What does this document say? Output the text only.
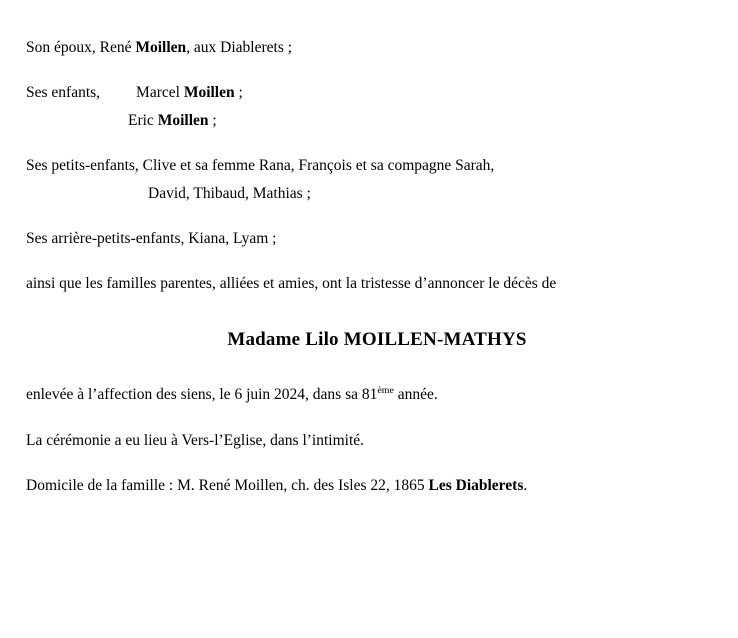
Son époux, René Moillen, aux Diablerets ;

Ses enfants, Marcel Moillen ;

Eric Moillen ;

Ses petits-enfants, Clive et sa femme Rana, François et sa compagne Sarah,

David, Thibaud, Mathias ;

Ses arrière-petits-enfants, Kiana, Lyam ;

ainsi que les familles parentes, alliées et amies, ont la tristesse d’annoncer le décès de

Madame Lilo MOILLEN-MATHYS

enlevée à l’affection des siens, le 6 juin 2024, dans sa 81ème année.

La cérémonie a eu lieu à Vers-l’Eglise, dans l’intimité.

Domicile de la famille : M. René Moillen, ch. des Isles 22, 1865 Les Diablerets.
